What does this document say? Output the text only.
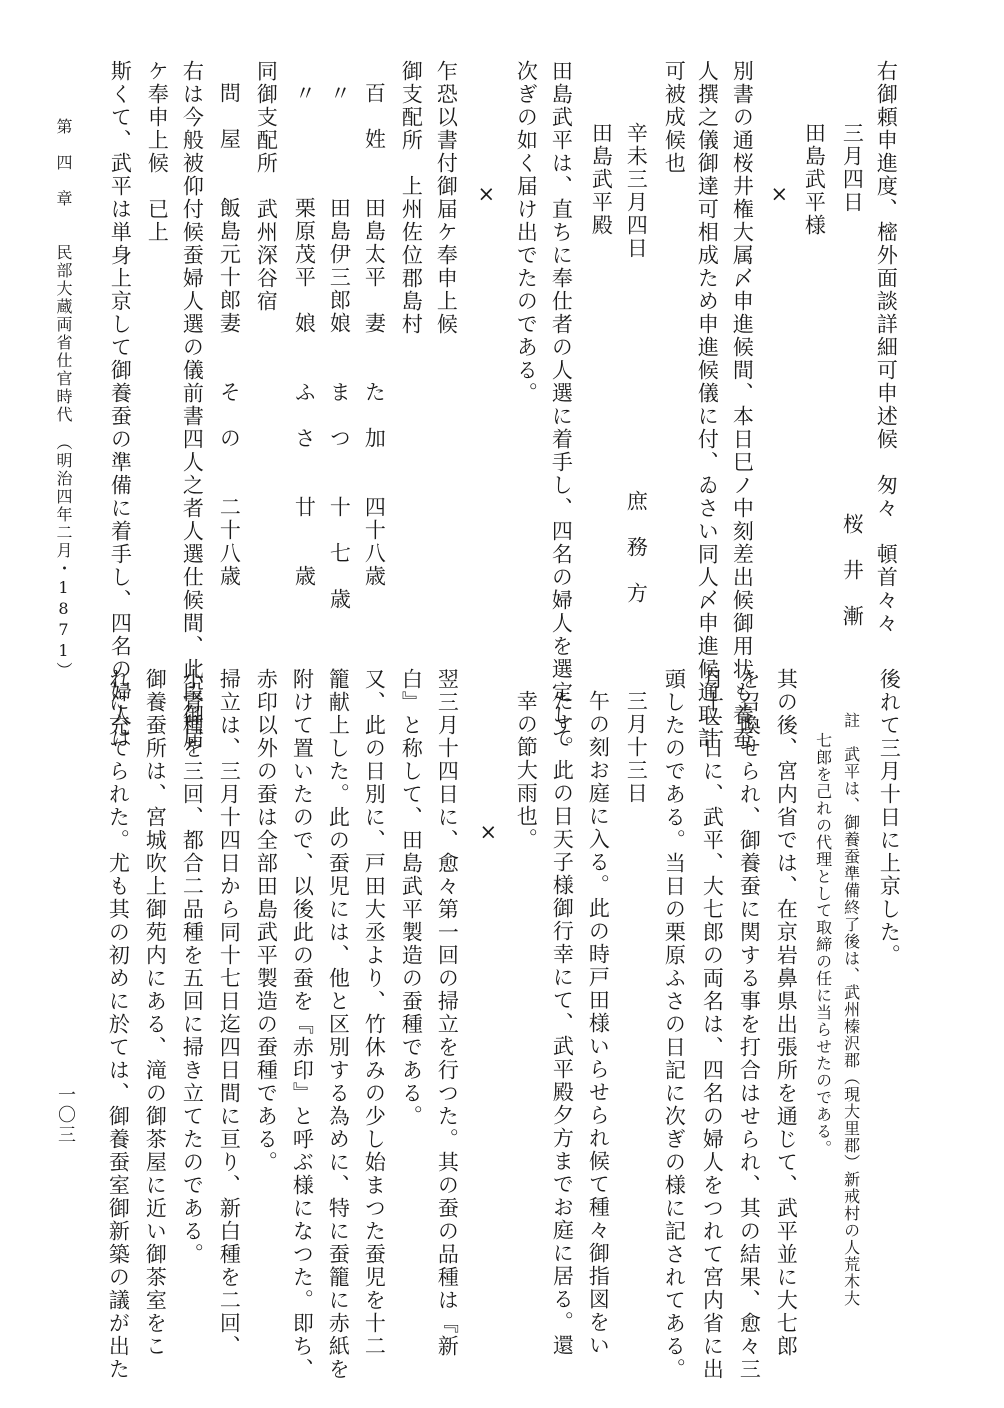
右御頼申進度、樒外面談詳細可申述候　匆々　頓首々々
三月四日　　　　　　　　　　　　　桜　井　漸
田島武平様
×
別書の通桜井権大属〆申進候間、本日巳ノ中刻差出候御用状も養蚕
人撰之儀御達可相成ため申進候儀に付、ゐさい同人〆申進候通取計
可被成候也
辛未三月四日　　　　　　　　　　庶　務　方
田島武平殿
田島武平は、直ちに奉仕者の人選に着手し、四名の婦人を選定して
次ぎの如く届け出でたのである。
×
乍恐以書付御届ケ奉申上候
御支配所　上州佐位郡島村
百　姓　　田島太平　妻　　た　加　　四十八歳
〃　　　　田島伊三郎娘　　ま　つ　　十　七　歳
〃　　　　栗原茂平　娘　　ふ　さ　　廿　　歳
同御支配所　武州深谷宿
問　屋　　飯島元十郎妻　　そ　の　　二十八歳
右は今般被仰付候蚕婦人選の儀前書四人之者人選仕候間、此段御届
ケ奉申上候　已上
斯くて、武平は単身上京して御養蚕の準備に着手し、四名の婦人は
後れて三月十日に上京した。
註　武平は、御養蚕準備終了後は、武州榛沢郡（現大里郡）新戒村の人荒木大
七郎を己れの代理として取締の任に当らせたのである。
其の後、宮内省では、在京岩鼻県出張所を通じて、武平並に大七郎
を召喚せられ、御養蚕に関する事を打合はせられ、其の結果、愈々三
月十三日に、武平、大七郎の両名は、四名の婦人をつれて宮内省に出
頭したのである。当日の栗原ふさの日記に次ぎの様に記されてある。
三月十三日
午の刻お庭に入る。此の時戸田様いらせられ候て種々御指図をい
たす。此の日天子様御行幸にて、武平殿夕方までお庭に居る。還
幸の節大雨也。
×
翌三月十四日に、愈々第一回の掃立を行つた。其の蚕の品種は『新
白』と称して、田島武平製造の蚕種である。
又、此の日別に、戸田大丞より、竹休みの少し始まつた蚕児を十二
籠献上した。此の蚕児には、他と区別する為めに、特に蚕籠に赤紙を
附けて置いたので、以後此の蚕を『赤印』と呼ぶ様になつた。即ち、
赤印以外の蚕は全部田島武平製造の蚕種である。
掃立は、三月十四日から同十七日迄四日間に亘り、新白種を二回、
小青種を三回、都合二品種を五回に掃き立てたのである。
御養蚕所は、宮城吹上御苑内にある、滝の御茶屋に近い御茶室をこ
れに充てられた。尤も其の初めに於ては、御養蚕室御新築の議が出た
第　四　章　　民部大蔵両省仕官時代　（明治四年二月・1871）
一〇三
